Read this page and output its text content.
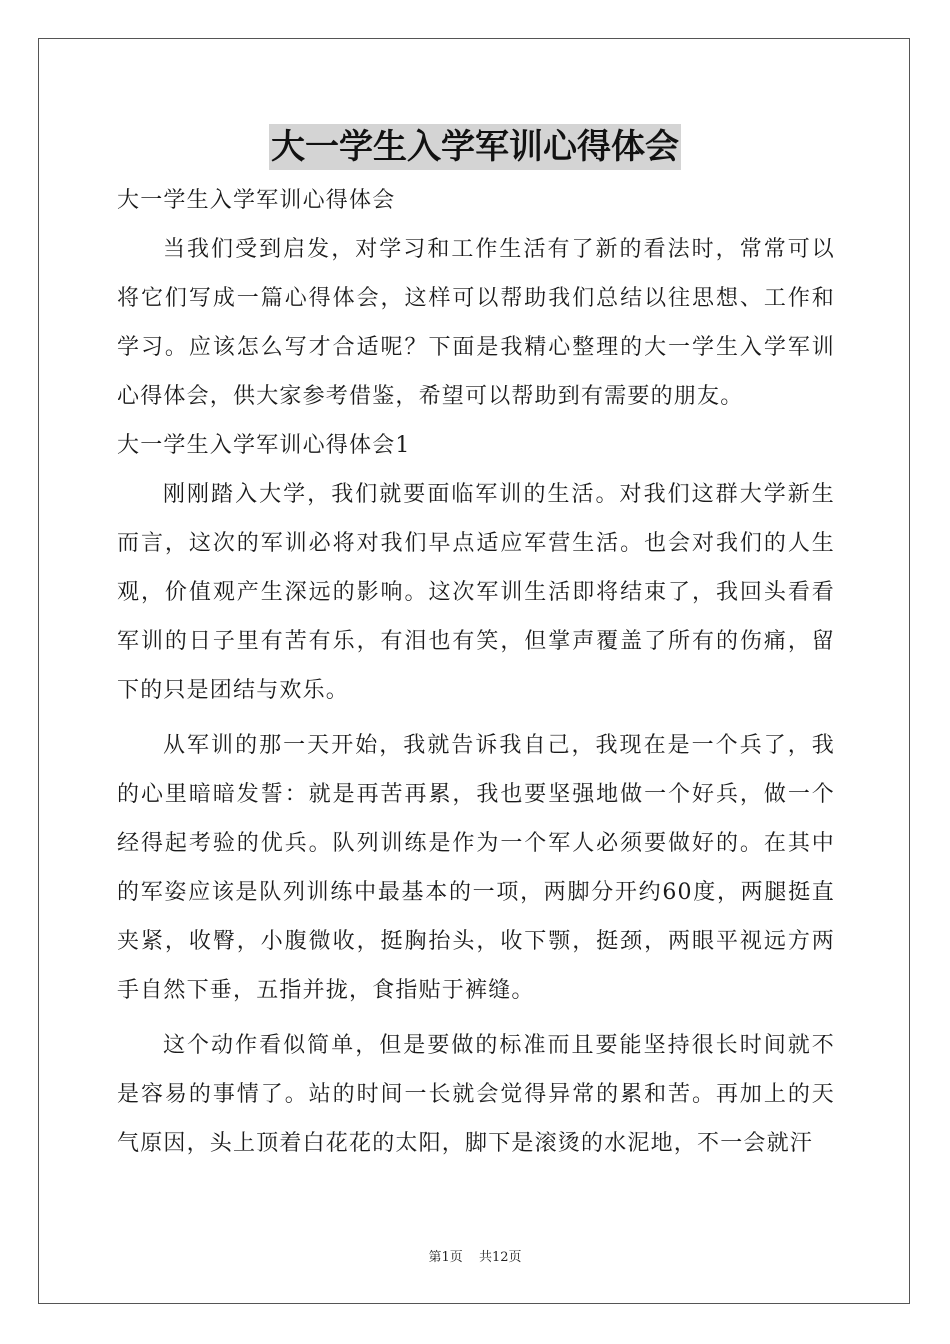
大一学生入学军训心得体会

大一学生入学军训心得体会

当我们受到启发，对学习和工作生活有了新的看法时，常常可以将它们写成一篇心得体会，这样可以帮助我们总结以往思想、工作和学习。应该怎么写才合适呢？下面是我精心整理的大一学生入学军训心得体会，供大家参考借鉴，希望可以帮助到有需要的朋友。

大一学生入学军训心得体会1

刚刚踏入大学，我们就要面临军训的生活。对我们这群大学新生而言，这次的军训必将对我们早点适应军营生活。也会对我们的人生观，价值观产生深远的影响。这次军训生活即将结束了，我回头看看军训的日子里有苦有乐，有泪也有笑，但掌声覆盖了所有的伤痛，留下的只是团结与欢乐。

从军训的那一天开始，我就告诉我自己，我现在是一个兵了，我的心里暗暗发誓：就是再苦再累，我也要坚强地做一个好兵，做一个经得起考验的优兵。队列训练是作为一个军人必须要做好的。在其中的军姿应该是队列训练中最基本的一项，两脚分开约60度，两腿挺直夹紧，收臀，小腹微收，挺胸抬头，收下颚，挺颈，两眼平视远方两手自然下垂，五指并拢，食指贴于裤缝。

这个动作看似简单，但是要做的标准而且要能坚持很长时间就不是容易的事情了。站的时间一长就会觉得异常的累和苦。再加上的天气原因，头上顶着白花花的太阳，脚下是滚烫的水泥地，不一会就汗

第1页 共12页
